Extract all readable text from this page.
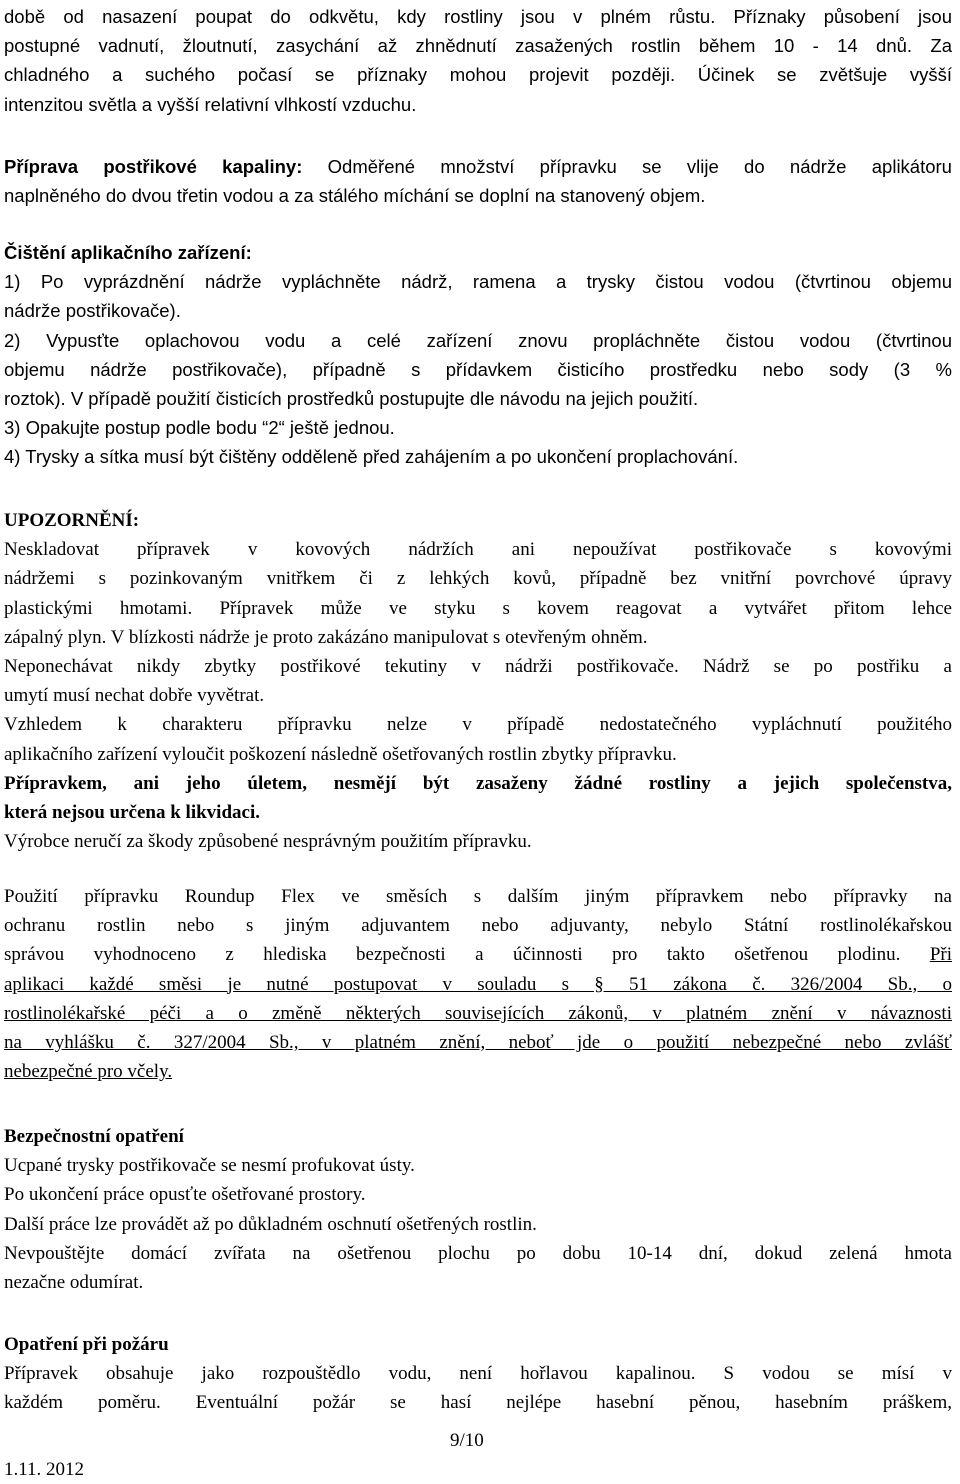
době od nasazení poupat do odkvětu, kdy rostliny jsou v plném růstu. Příznaky působení jsou
postupné vadnutí, žloutnutí, zasychání až zhnědnutí zasažených rostlin během 10 - 14 dnů. Za
chladného a suchého počasí se příznaky mohou projevit později. Účinek se zvětšuje vyšší
intenzitou světla a vyšší relativní vlhkostí vzduchu.
Příprava postřikové kapaliny: Odměřené množství přípravku se vlije do nádrže aplikátoru
naplněného do dvou třetin vodou a za stálého míchání se doplní na stanovený objem.
Čištění aplikačního zařízení:
1) Po vyprázdnění nádrže vypláchněte nádrž, ramena a trysky čistou vodou (čtvrtinou objemu
nádrže postřikovače).
2) Vypusťte oplachovou vodu a celé zařízení znovu propláchněte čistou vodou (čtvrtinou
objemu nádrže postřikovače), případně s přídavkem čisticího prostředku nebo sody (3 %
roztok). V případě použití čisticích prostředků postupujte dle návodu na jejich použití.
3) Opakujte postup podle bodu “2“ ještě jednou.
4) Trysky a sítka musí být čištěny odděleně před zahájením a po ukončení proplachování.
UPOZORNĚNÍ:
Neskladovat přípravek v kovových nádržích ani nepoužívat postřikovače s kovovými
nádržemi s pozinkovaným vnitřkem či z lehkých kovů, případně bez vnitřní povrchové úpravy
plastickými hmotami. Přípravek může ve styku s kovem reagovat a vytvářet přitom lehce
zápalný plyn. V blízkosti nádrže je proto zakázáno manipulovat s otevřeným ohněm.
Neponechávat nikdy zbytky postřikové tekutiny v nádrži postřikovače. Nádrž se po postřiku a
umytí musí nechat dobře vyvětrat.
Vzhledem k charakteru přípravku nelze v případě nedostatečného vypláchnutí použitého
aplikačního zařízení vyloučit poškození následně ošetřovaných rostlin zbytky přípravku.
Přípravkem, ani jeho úletem, nesmějí být zasaženy žádné rostliny a jejich společenstva,
která nejsou určena k likvidaci.
Výrobce neručí za škody způsobené nesprávným použitím přípravku.
Použití přípravku Roundup Flex ve směsích s dalším jiným přípravkem nebo přípravky na
ochranu rostlin nebo s jiným adjuvantem nebo adjuvanty, nebylo Státní rostlinolékařskou
správou vyhodnoceno z hlediska bezpečnosti a účinnosti pro takto ošetřenou plodinu. Při
aplikaci každé směsi je nutné postupovat v souladu s § 51 zákona č. 326/2004 Sb., o
rostlinolékařské péči a o změně některých souvisejících zákonů, v platném znění v návaznosti
na vyhlášku č. 327/2004 Sb., v platném znění, neboť jde o použití nebezpečné nebo zvlášť
nebezpečné pro včely.
Bezpečnostní opatření
Ucpané trysky postřikovače se nesmí profukovat ústy.
Po ukončení práce opusťte ošetřované prostory.
Další práce lze provádět až po důkladném oschnutí ošetřených rostlin.
Nevpouštějte domácí zvířata na ošetřenou plochu po dobu 10-14 dní, dokud zelená hmota
nezačne odumírat.
Opatření při požáru
Přípravek obsahuje jako rozpouštědlo vodu, není hořlavou kapalinou. S vodou se mísí v
každém poměru. Eventuální požár se hasí nejlépe hasební pěnou, hasebním práškem,
9/10
1.11. 2012
